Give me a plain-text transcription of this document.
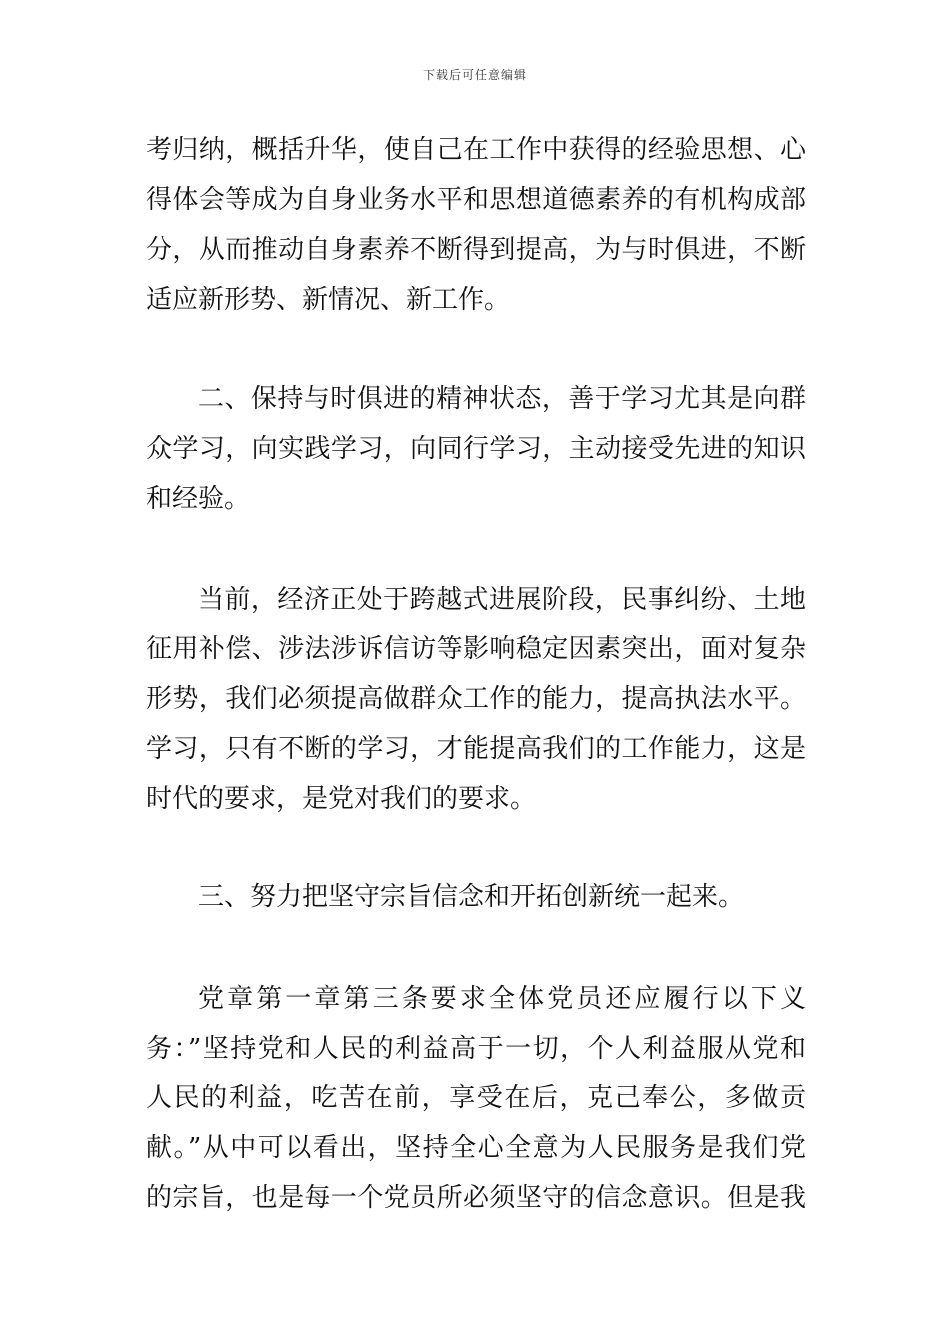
下载后可任意编辑
考归纳，概括升华，使自己在工作中获得的经验思想、心
得体会等成为自身业务水平和思想道德素养的有机构成部
分，从而推动自身素养不断得到提高，为与时俱进，不断
适应新形势、新情况、新工作。
二、保持与时俱进的精神状态，善于学习尤其是向群
众学习，向实践学习，向同行学习，主动接受先进的知识
和经验。
当前，经济正处于跨越式进展阶段，民事纠纷、土地
征用补偿、涉法涉诉信访等影响稳定因素突出，面对复杂
形势，我们必须提高做群众工作的能力，提高执法水平。
学习，只有不断的学习，才能提高我们的工作能力，这是
时代的要求，是党对我们的要求。
三、努力把坚守宗旨信念和开拓创新统一起来。
党章第一章第三条要求全体党员还应履行以下义
务：”坚持党和人民的利益高于一切，个人利益服从党和
人民的利益，吃苦在前，享受在后，克己奉公，多做贡
献。”从中可以看出，坚持全心全意为人民服务是我们党
的宗旨，也是每一个党员所必须坚守的信念意识。但是我
